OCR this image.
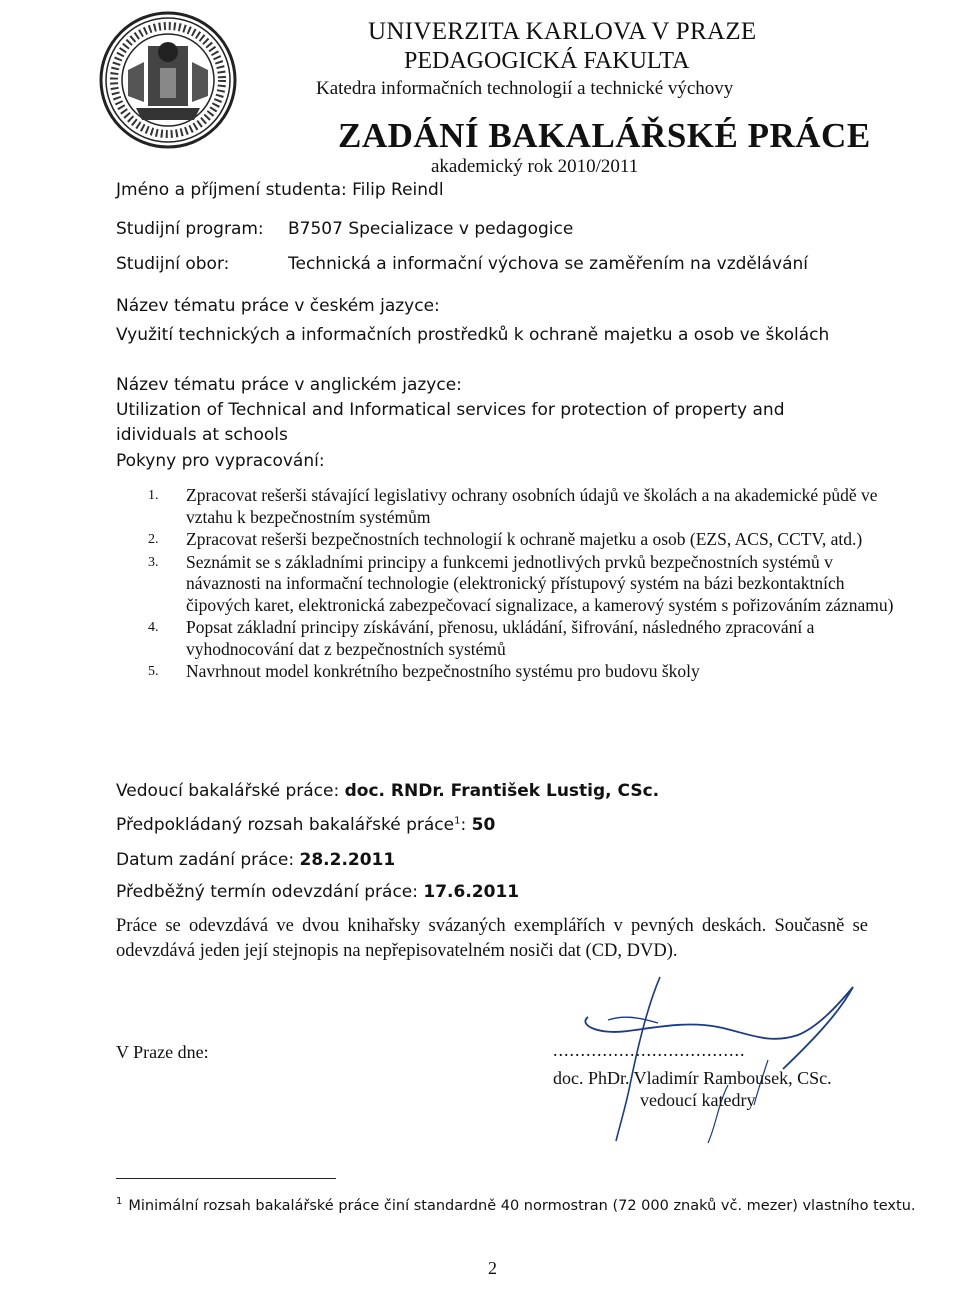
UNIVERZITA KARLOVA V PRAZE
PEDAGOGICKÁ FAKULTA
Katedra informačních technologií a technické výchovy
ZADÁNÍ BAKALÁŘSKÉ PRÁCE
akademický rok 2010/2011
Jméno a příjmení studenta: Filip Reindl
Studijní program: B7507 Specializace v pedagogice
Studijní obor:	Technická a informační výchova se zaměřením na vzdělávání
Název tématu práce v českém jazyce:
Využití technických a informačních prostředků k ochraně majetku a osob ve školách
Název tématu práce v anglickém jazyce:
Utilization of Technical and Informatical services for protection of property and
idividuals at schools
Pokyny pro vypracování:
1. Zpracovat rešerši stávající legislativy ochrany osobních údajů ve školách a na akademické půdě ve vztahu k bezpečnostním systémům
2. Zpracovat rešerši bezpečnostních technologií k ochraně majetku a osob (EZS, ACS, CCTV, atd.)
3. Seznámit se s základními principy a funkcemi jednotlivých prvků bezpečnostních systémů v návaznosti na informační technologie (elektronický přístupový systém na bázi bezkontaktních čipových karet, elektronická zabezpečovací signalizace, a kamerový systém s pořizováním záznamu)
4. Popsat základní principy získávání, přenosu, ukládání, šifrování, následného zpracování a vyhodnocování dat z bezpečnostních systémů
5. Navrhnout model konkrétního bezpečnostního systému pro budovu školy
Vedoucí bakalářské práce: doc. RNDr. František Lustig, CSc.
Předpokládaný rozsah bakalářské práce$^1$: 50
Datum zadání práce: 28.2.2011
Předběžný termín odevzdání práce: 17.6.2011
Práce se odevzdává ve dvou knihařsky svázaných exemplářích v pevných deskách. Současně se odevzdává jeden její stejnopis na nepřepisovatelném nosiči dat (CD, DVD).
V Praze dne:	...................................
doc. PhDr. Vladimír Rambousek, CSc.
vedoucí katedry
$^1$ Minimální rozsah bakalářské práce činí standardně 40 normostran (72 000 znaků vč. mezer) vlastního textu.
2
